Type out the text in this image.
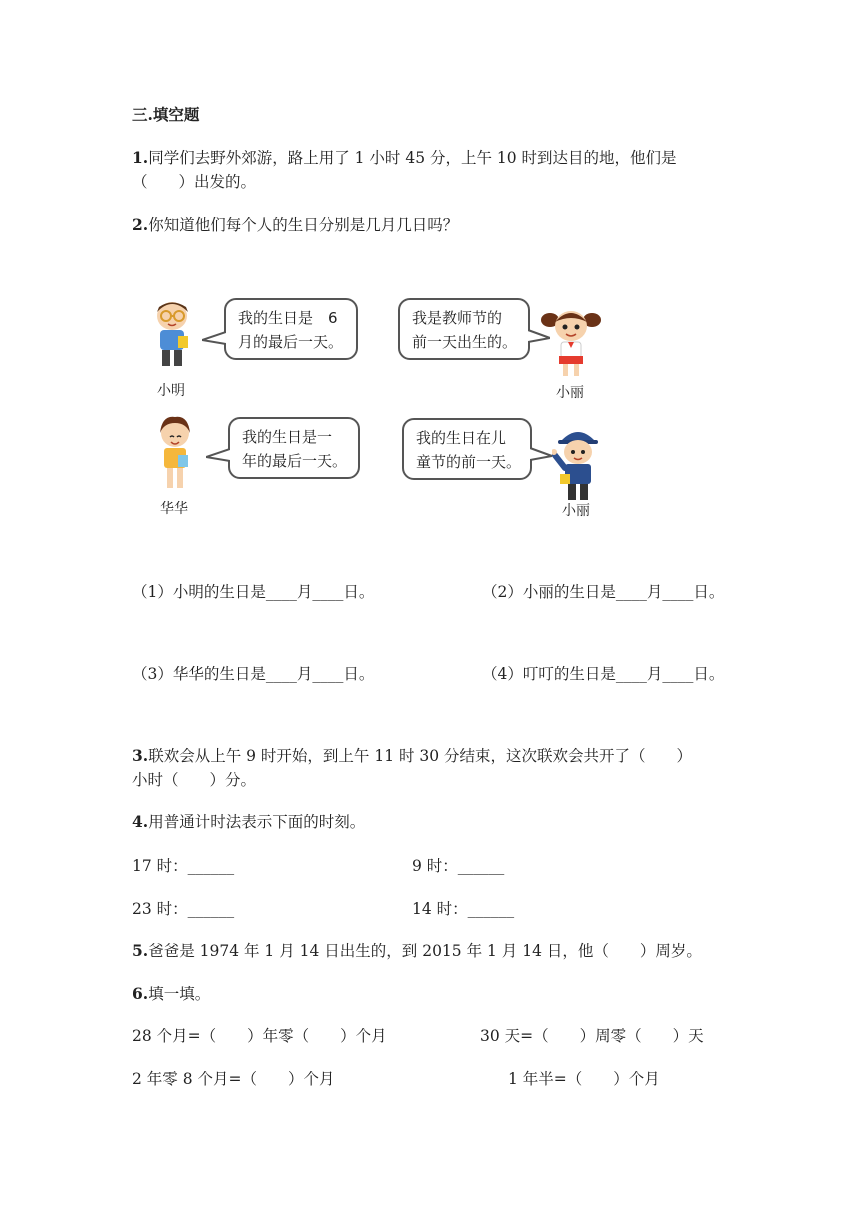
三.填空题
1.同学们去野外郊游，路上用了 1 小时 45 分，上午 10 时到达目的地，他们是
（　　）出发的。
2.你知道他们每个人的生日分别是几月几日吗？
小明
我的生日是　6
月的最后一天。
我是教师节的
前一天出生的。
小丽
华华
我的生日是一
年的最后一天。
我的生日在儿
童节的前一天。
小丽
（1）小明的生日是____月____日。	（2）小丽的生日是____月____日。
（3）华华的生日是____月____日。	（4）叮叮的生日是____月____日。
3.联欢会从上午 9 时开始，到上午 11 时 30 分结束，这次联欢会共开了（　　）
小时（　　）分。
4.用普通计时法表示下面的时刻。
17 时：______	9 时：______
23 时：______	14 时：______
5.爸爸是 1974 年 1 月 14 日出生的，到 2015 年 1 月 14 日，他（　　）周岁。
6.填一填。
28 个月=（　　）年零（　　）个月	30 天=（　　）周零（　　）天
2 年零 8 个月=（　　）个月	1 年半=（　　）个月
